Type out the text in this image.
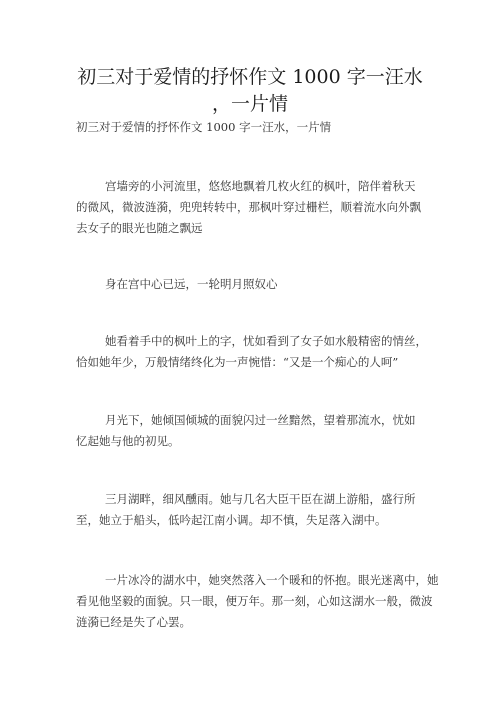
初三对于爱情的抒怀作文 1000 字一汪水
，一片情
初三对于爱情的抒怀作文 1000 字一汪水，一片情
宫墙旁的小河流里，悠悠地飘着几枚火红的枫叶，陪伴着秋天
的微风，微波涟漪，兜兜转转中，那枫叶穿过栅栏，顺着流水向外飘
去女子的眼光也随之飘远
身在宫中心已远，一轮明月照奴心
她看着手中的枫叶上的字，忧如看到了女子如水般精密的情丝，
恰如她年少，万般情绪终化为一声惋惜：“又是一个痴心的人呵”
月光下，她倾国倾城的面貌闪过一丝黯然，望着那流水，忧如
忆起她与他的初见。
三月湖畔，细风醺雨。她与几名大臣干臣在湖上游船，盛行所
至，她立于船头，低吟起江南小调。却不慎，失足落入湖中。
一片冰冷的湖水中，她突然落入一个暖和的怀抱。眼光迷离中，她
看见他坚毅的面貌。只一眼，便万年。那一刻，心如这湖水一般，微波
涟漪已经是失了心罢。
